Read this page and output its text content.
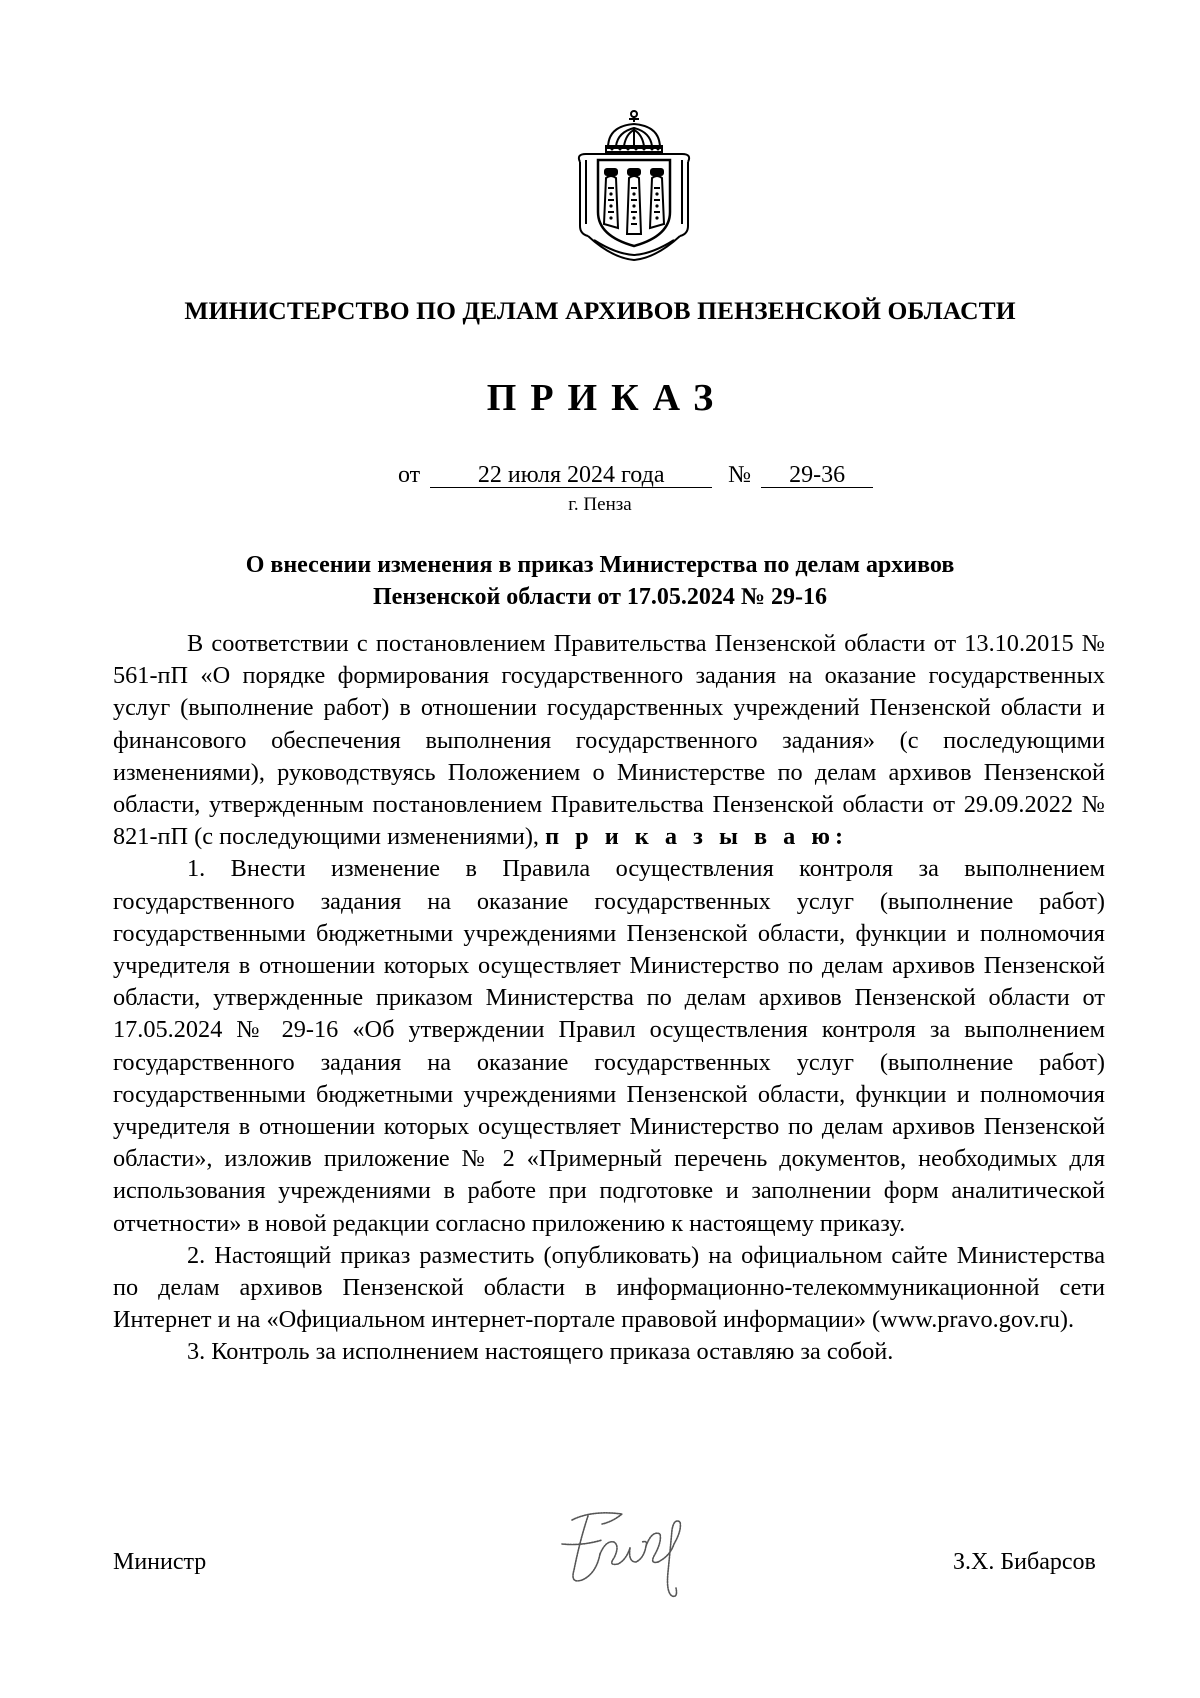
МИНИСТЕРСТВО ПО ДЕЛАМ АРХИВОВ ПЕНЗЕНСКОЙ ОБЛАСТИ
ПРИКАЗ
от 22 июля 2024 года	№ 29-36
г. Пенза
О внесении изменения в приказ Министерства по делам архивов
Пензенской области от 17.05.2024 № 29-16

В соответствии с постановлением Правительства Пензенской области от 13.10.2015 № 561-пП «О порядке формирования государственного задания на оказание государственных услуг (выполнение работ) в отношении государственных учреждений Пензенской области и финансового обеспечения выполнения государственного задания» (с последующими изменениями), руководствуясь Положением о Министерстве по делам архивов Пензенской области, утвержденным постановлением Правительства Пензенской области от 29.09.2022 № 821-пП (с последующими изменениями), п р и к а з ы в а ю:

1. Внести изменение в Правила осуществления контроля за выполнением государственного задания на оказание государственных услуг (выполнение работ) государственными бюджетными учреждениями Пензенской области, функции и полномочия учредителя в отношении которых осуществляет Министерство по делам архивов Пензенской области, утвержденные приказом Министерства по делам архивов Пензенской области от 17.05.2024 № 29-16 «Об утверждении Правил осуществления контроля за выполнением государственного задания на оказание государственных услуг (выполнение работ) государственными бюджетными учреждениями Пензенской области, функции и полномочия учредителя в отношении которых осуществляет Министерство по делам архивов Пензенской области», изложив приложение № 2 «Примерный перечень документов, необходимых для использования учреждениями в работе при подготовке и заполнении форм аналитической отчетности» в новой редакции согласно приложению к настоящему приказу.

2. Настоящий приказ разместить (опубликовать) на официальном сайте Министерства по делам архивов Пензенской области в информационно-телекоммуникационной сети Интернет и на «Официальном интернет-портале правовой информации» (www.pravo.gov.ru).

3. Контроль за исполнением настоящего приказа оставляю за собой.

Министр	З.Х. Бибарсов
